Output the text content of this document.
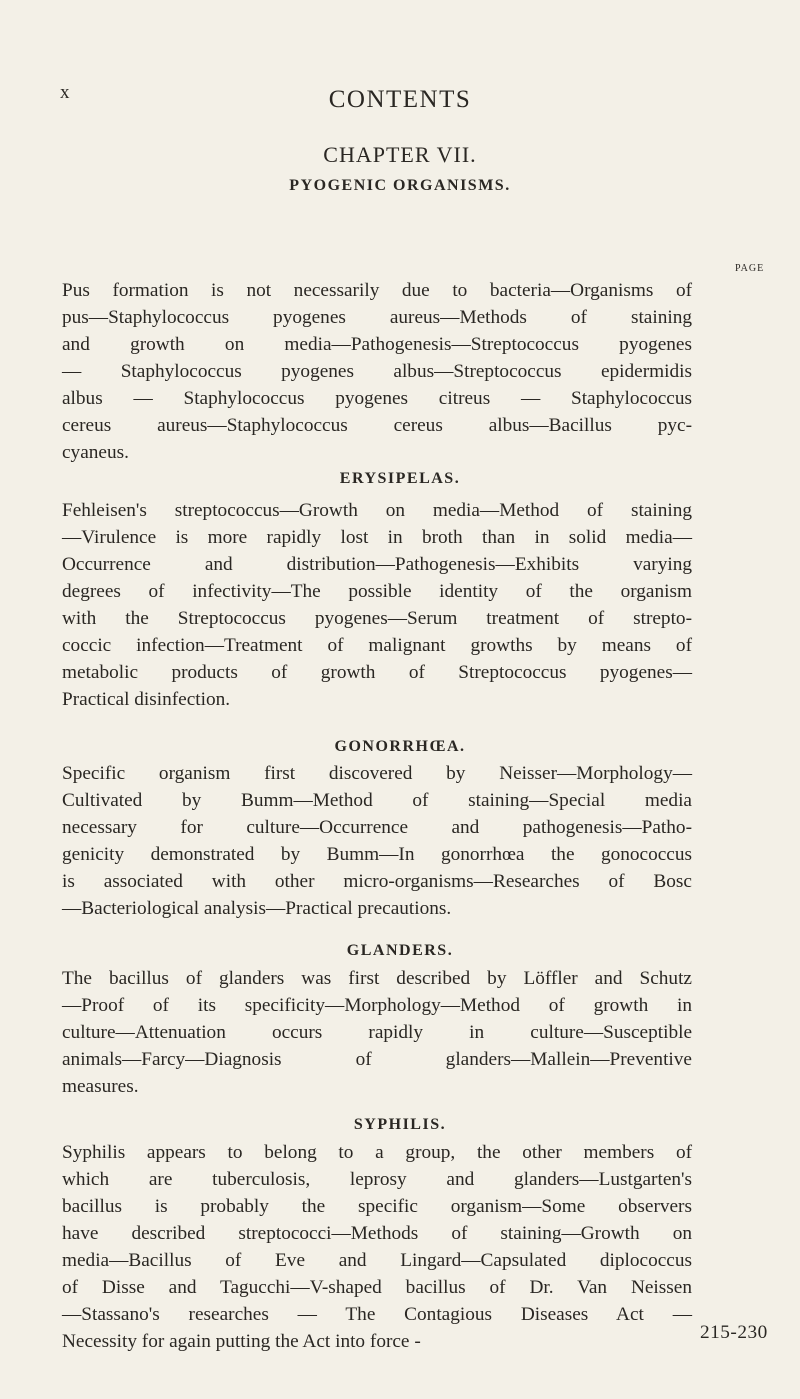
x	CONTENTS
CHAPTER VII.
PAGE
PYOGENIC ORGANISMS.
Pus formation is not necessarily due to bacteria—Organisms of
pus—Staphylococcus pyogenes aureus—Methods of staining
and growth on media—Pathogenesis—Streptococcus pyogenes
— Staphylococcus pyogenes albus—Streptococcus epidermidis
albus — Staphylococcus pyogenes citreus — Staphylococcus
cereus aureus—Staphylococcus cereus albus—Bacillus pyc-
cyaneus.
ERYSIPELAS.
Fehleisen's streptococcus—Growth on media—Method of staining
—Virulence is more rapidly lost in broth than in solid media—
Occurrence and distribution—Pathogenesis—Exhibits varying
degrees of infectivity—The possible identity of the organism
with the Streptococcus pyogenes—Serum treatment of strepto-
coccic infection—Treatment of malignant growths by means of
metabolic products of growth of Streptococcus pyogenes—
Practical disinfection.
GONORRHŒA.
Specific organism first discovered by Neisser—Morphology—
Cultivated by Bumm—Method of staining—Special media
necessary for culture—Occurrence and pathogenesis—Patho-
genicity demonstrated by Bumm—In gonorrhœa the gonococcus
is associated with other micro-organisms—Researches of Bosc
—Bacteriological analysis—Practical precautions.
GLANDERS.
The bacillus of glanders was first described by Löffler and Schutz
—Proof of its specificity—Morphology—Method of growth in
culture—Attenuation occurs rapidly in culture—Susceptible
animals—Farcy—Diagnosis of glanders—Mallein—Preventive
measures.
SYPHILIS.
Syphilis appears to belong to a group, the other members of
which are tuberculosis, leprosy and glanders—Lustgarten's
bacillus is probably the specific organism—Some observers
have described streptococci—Methods of staining—Growth on
media—Bacillus of Eve and Lingard—Capsulated diplococcus
of Disse and Tagucchi—V-shaped bacillus of Dr. Van Neissen
—Stassano's researches — The Contagious Diseases Act —
Necessity for again putting the Act into force -	215-230
